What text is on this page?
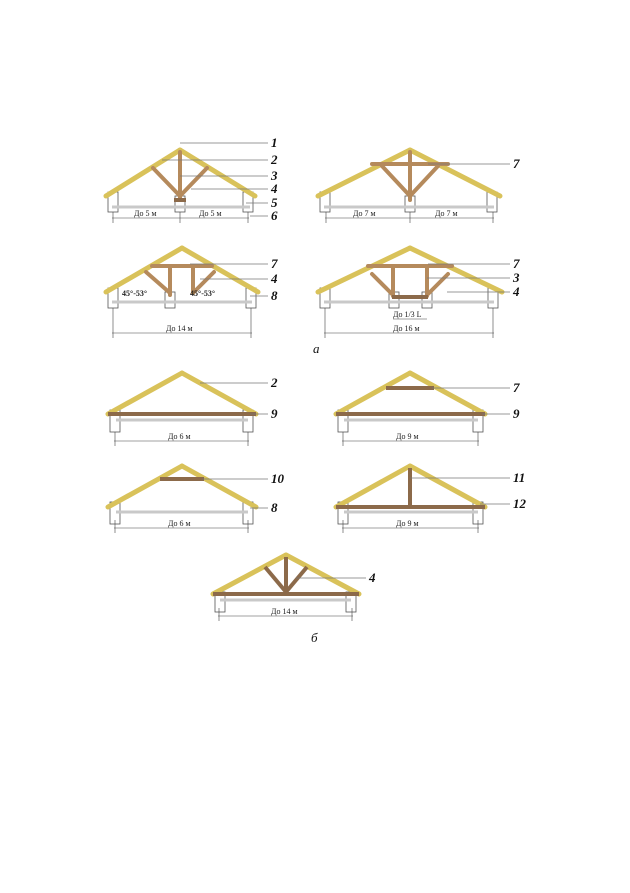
1
2
3
4
5
6
До 5 м	До 5 м
7
До 7 м	До 7 м
7
4
8
45°-53°	45°-53°
До 14 м
7
3
4
До 1/3 L
До 16 м
а
2
9
До 6 м
7
9
До 9 м
10
8
До 6 м
11
12
До 9 м
4
До 14 м
б
